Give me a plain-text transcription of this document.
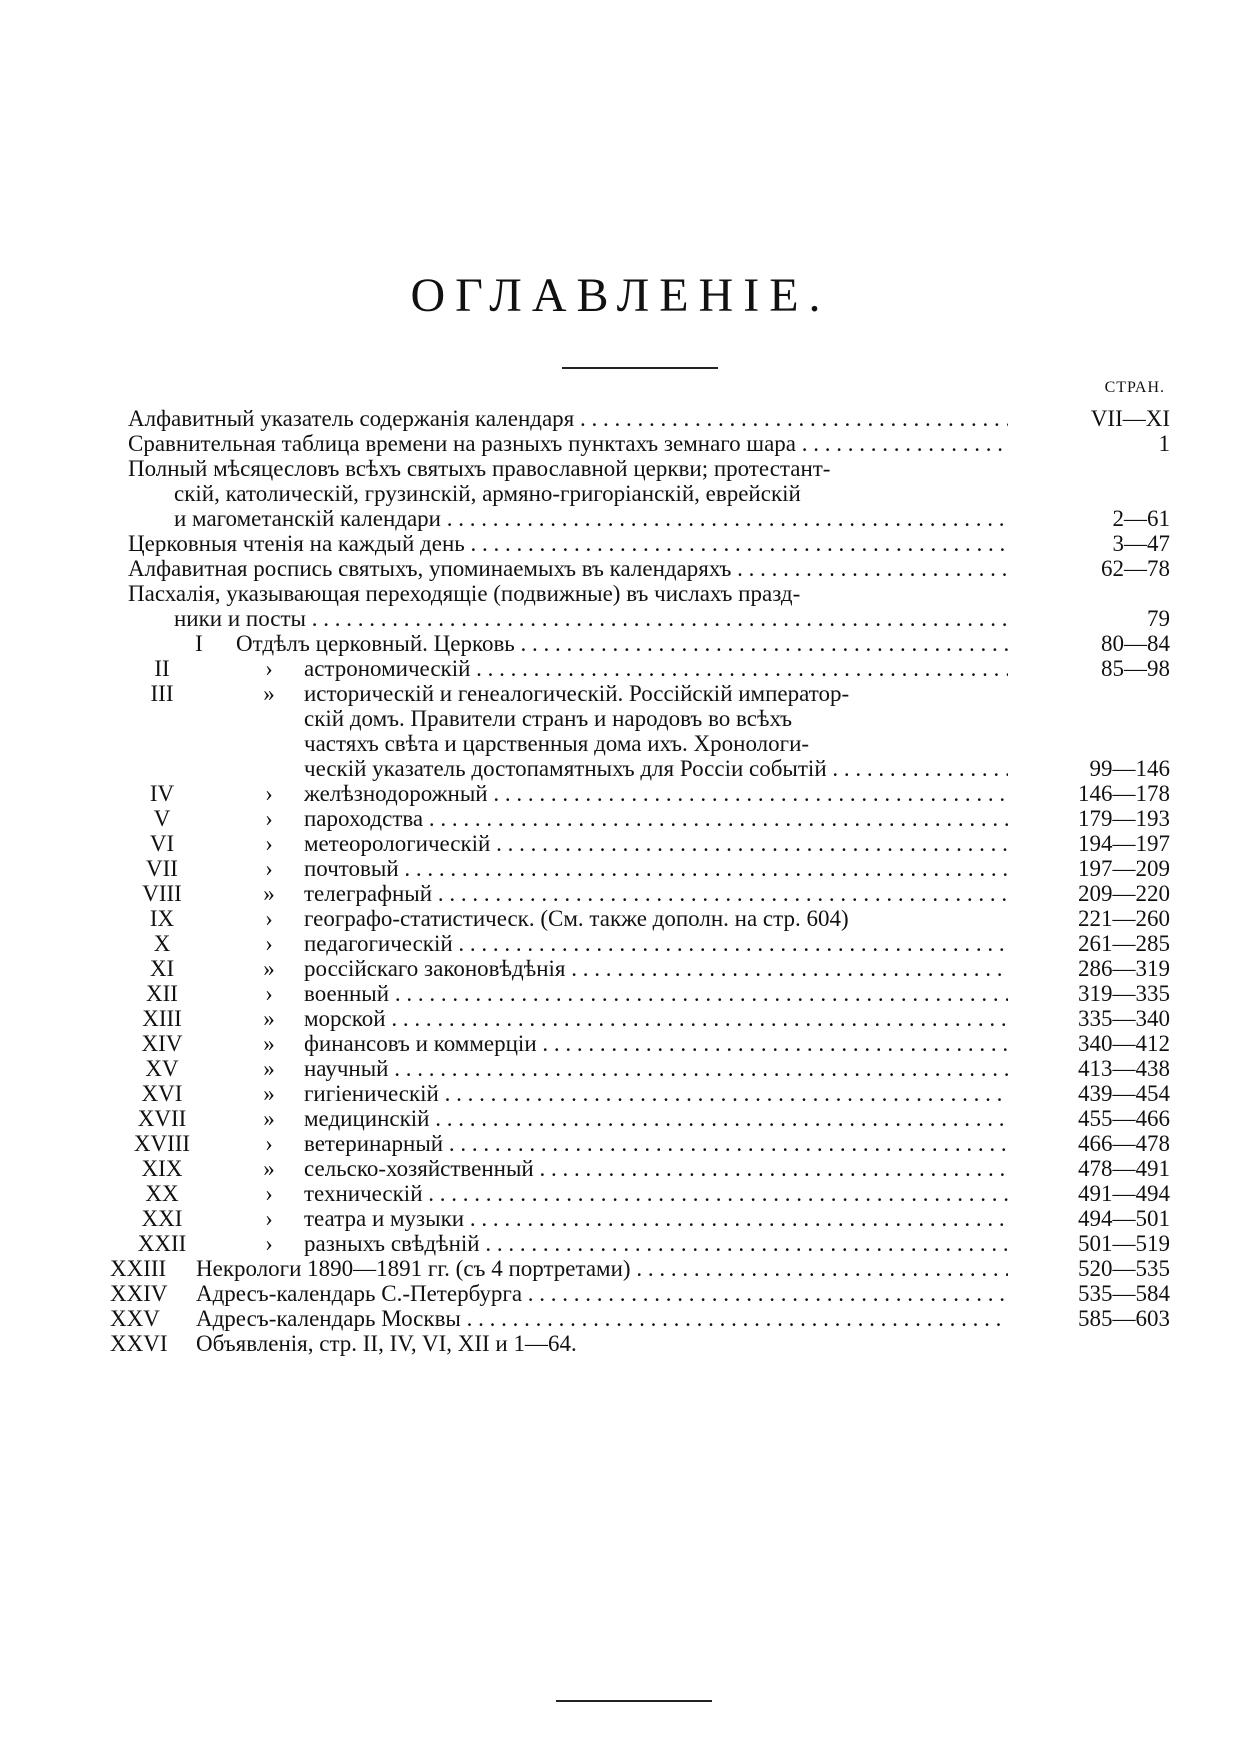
ОГЛАВЛЕНІЕ.
СТРАН.
Алфавитный указатель содержанія календаря . . .	VII—XI
Сравнительная таблица времени на разныхъ пунктахъ земнаго шара . . .	1
Полный мѣсяцесловъ всѣхъ святыхъ православной церкви; протестант-
скій, католическій, грузинскій, армяно-григоріанскій, еврейскій
и магометанскій календари . . .	2—61
Церковныя чтенія на каждый день . . .	3—47
Алфавитная роспись святыхъ, упоминаемыхъ въ календаряхъ . . .	62—78
Пасхалія, указывающая переходящіе (подвижные) въ числахъ празд-
ники и посты . . .	79
I	Отдѣлъ церковный. Церковь . . .	80—84
II	›	астрономическій . . .	85—98
III	»	историческій и генеалогическій. Россійскій император-
скій домъ. Правители странъ и народовъ во всѣхъ
частяхъ свѣта и царственныя дома ихъ. Хронологи-
ческій указатель достопамятныхъ для Россіи событій . . .	99—146
IV	›	желѣзнодорожный . . .	146—178
V	›	пароходства . . .	179—193
VI	›	метеорологическій . . .	194—197
VII	›	почтовый . . .	197—209
VIII	»	телеграфный . . .	209—220
IX	›	географо-статистическ. (См. также дополн. на стр. 604)	221—260
X	›	педагогическій . . .	261—285
XI	»	россійскаго законовѣдѣнія . . .	286—319
XII	›	военный . . .	319—335
XIII	»	морской . . .	335—340
XIV	»	финансовъ и коммерціи . . .	340—412
XV	»	научный . . .	413—438
XVI	»	гигіеническій . . .	439—454
XVII	»	медицинскій . . .	455—466
XVIII	›	ветеринарный . . .	466—478
XIX	»	сельско-хозяйственный . . .	478—491
XX	›	техническій . . .	491—494
XXI	›	театра и музыки . . .	494—501
XXII	›	разныхъ свѣдѣній . . .	501—519
XXIII	Некрологи 1890—1891 гг. (съ 4 портретами) . . .	520—535
XXIV	Адресъ-календарь С.-Петербурга . . .	535—584
XXV	Адресъ-календарь Москвы . . .	585—603
XXVI	Объявленія, стр. II, IV, VI, XII и 1—64.
